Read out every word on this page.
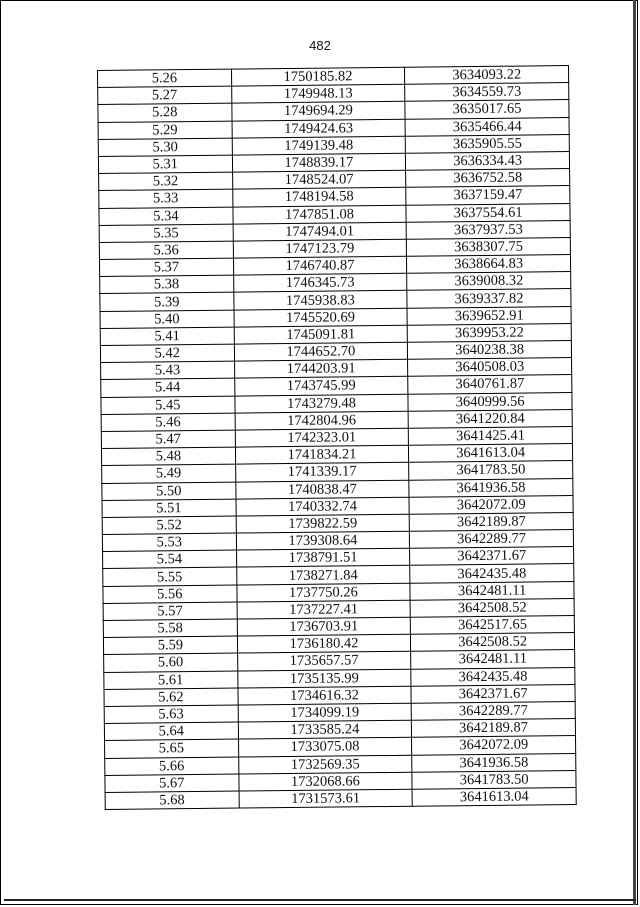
482
5.26	1750185.82	3634093.22
5.27	1749948.13	3634559.73
5.28	1749694.29	3635017.65
5.29	1749424.63	3635466.44
5.30	1749139.48	3635905.55
5.31	1748839.17	3636334.43
5.32	1748524.07	3636752.58
5.33	1748194.58	3637159.47
5.34	1747851.08	3637554.61
5.35	1747494.01	3637937.53
5.36	1747123.79	3638307.75
5.37	1746740.87	3638664.83
5.38	1746345.73	3639008.32
5.39	1745938.83	3639337.82
5.40	1745520.69	3639652.91
5.41	1745091.81	3639953.22
5.42	1744652.70	3640238.38
5.43	1744203.91	3640508.03
5.44	1743745.99	3640761.87
5.45	1743279.48	3640999.56
5.46	1742804.96	3641220.84
5.47	1742323.01	3641425.41
5.48	1741834.21	3641613.04
5.49	1741339.17	3641783.50
5.50	1740838.47	3641936.58
5.51	1740332.74	3642072.09
5.52	1739822.59	3642189.87
5.53	1739308.64	3642289.77
5.54	1738791.51	3642371.67
5.55	1738271.84	3642435.48
5.56	1737750.26	3642481.11
5.57	1737227.41	3642508.52
5.58	1736703.91	3642517.65
5.59	1736180.42	3642508.52
5.60	1735657.57	3642481.11
5.61	1735135.99	3642435.48
5.62	1734616.32	3642371.67
5.63	1734099.19	3642289.77
5.64	1733585.24	3642189.87
5.65	1733075.08	3642072.09
5.66	1732569.35	3641936.58
5.67	1732068.66	3641783.50
5.68	1731573.61	3641613.04
